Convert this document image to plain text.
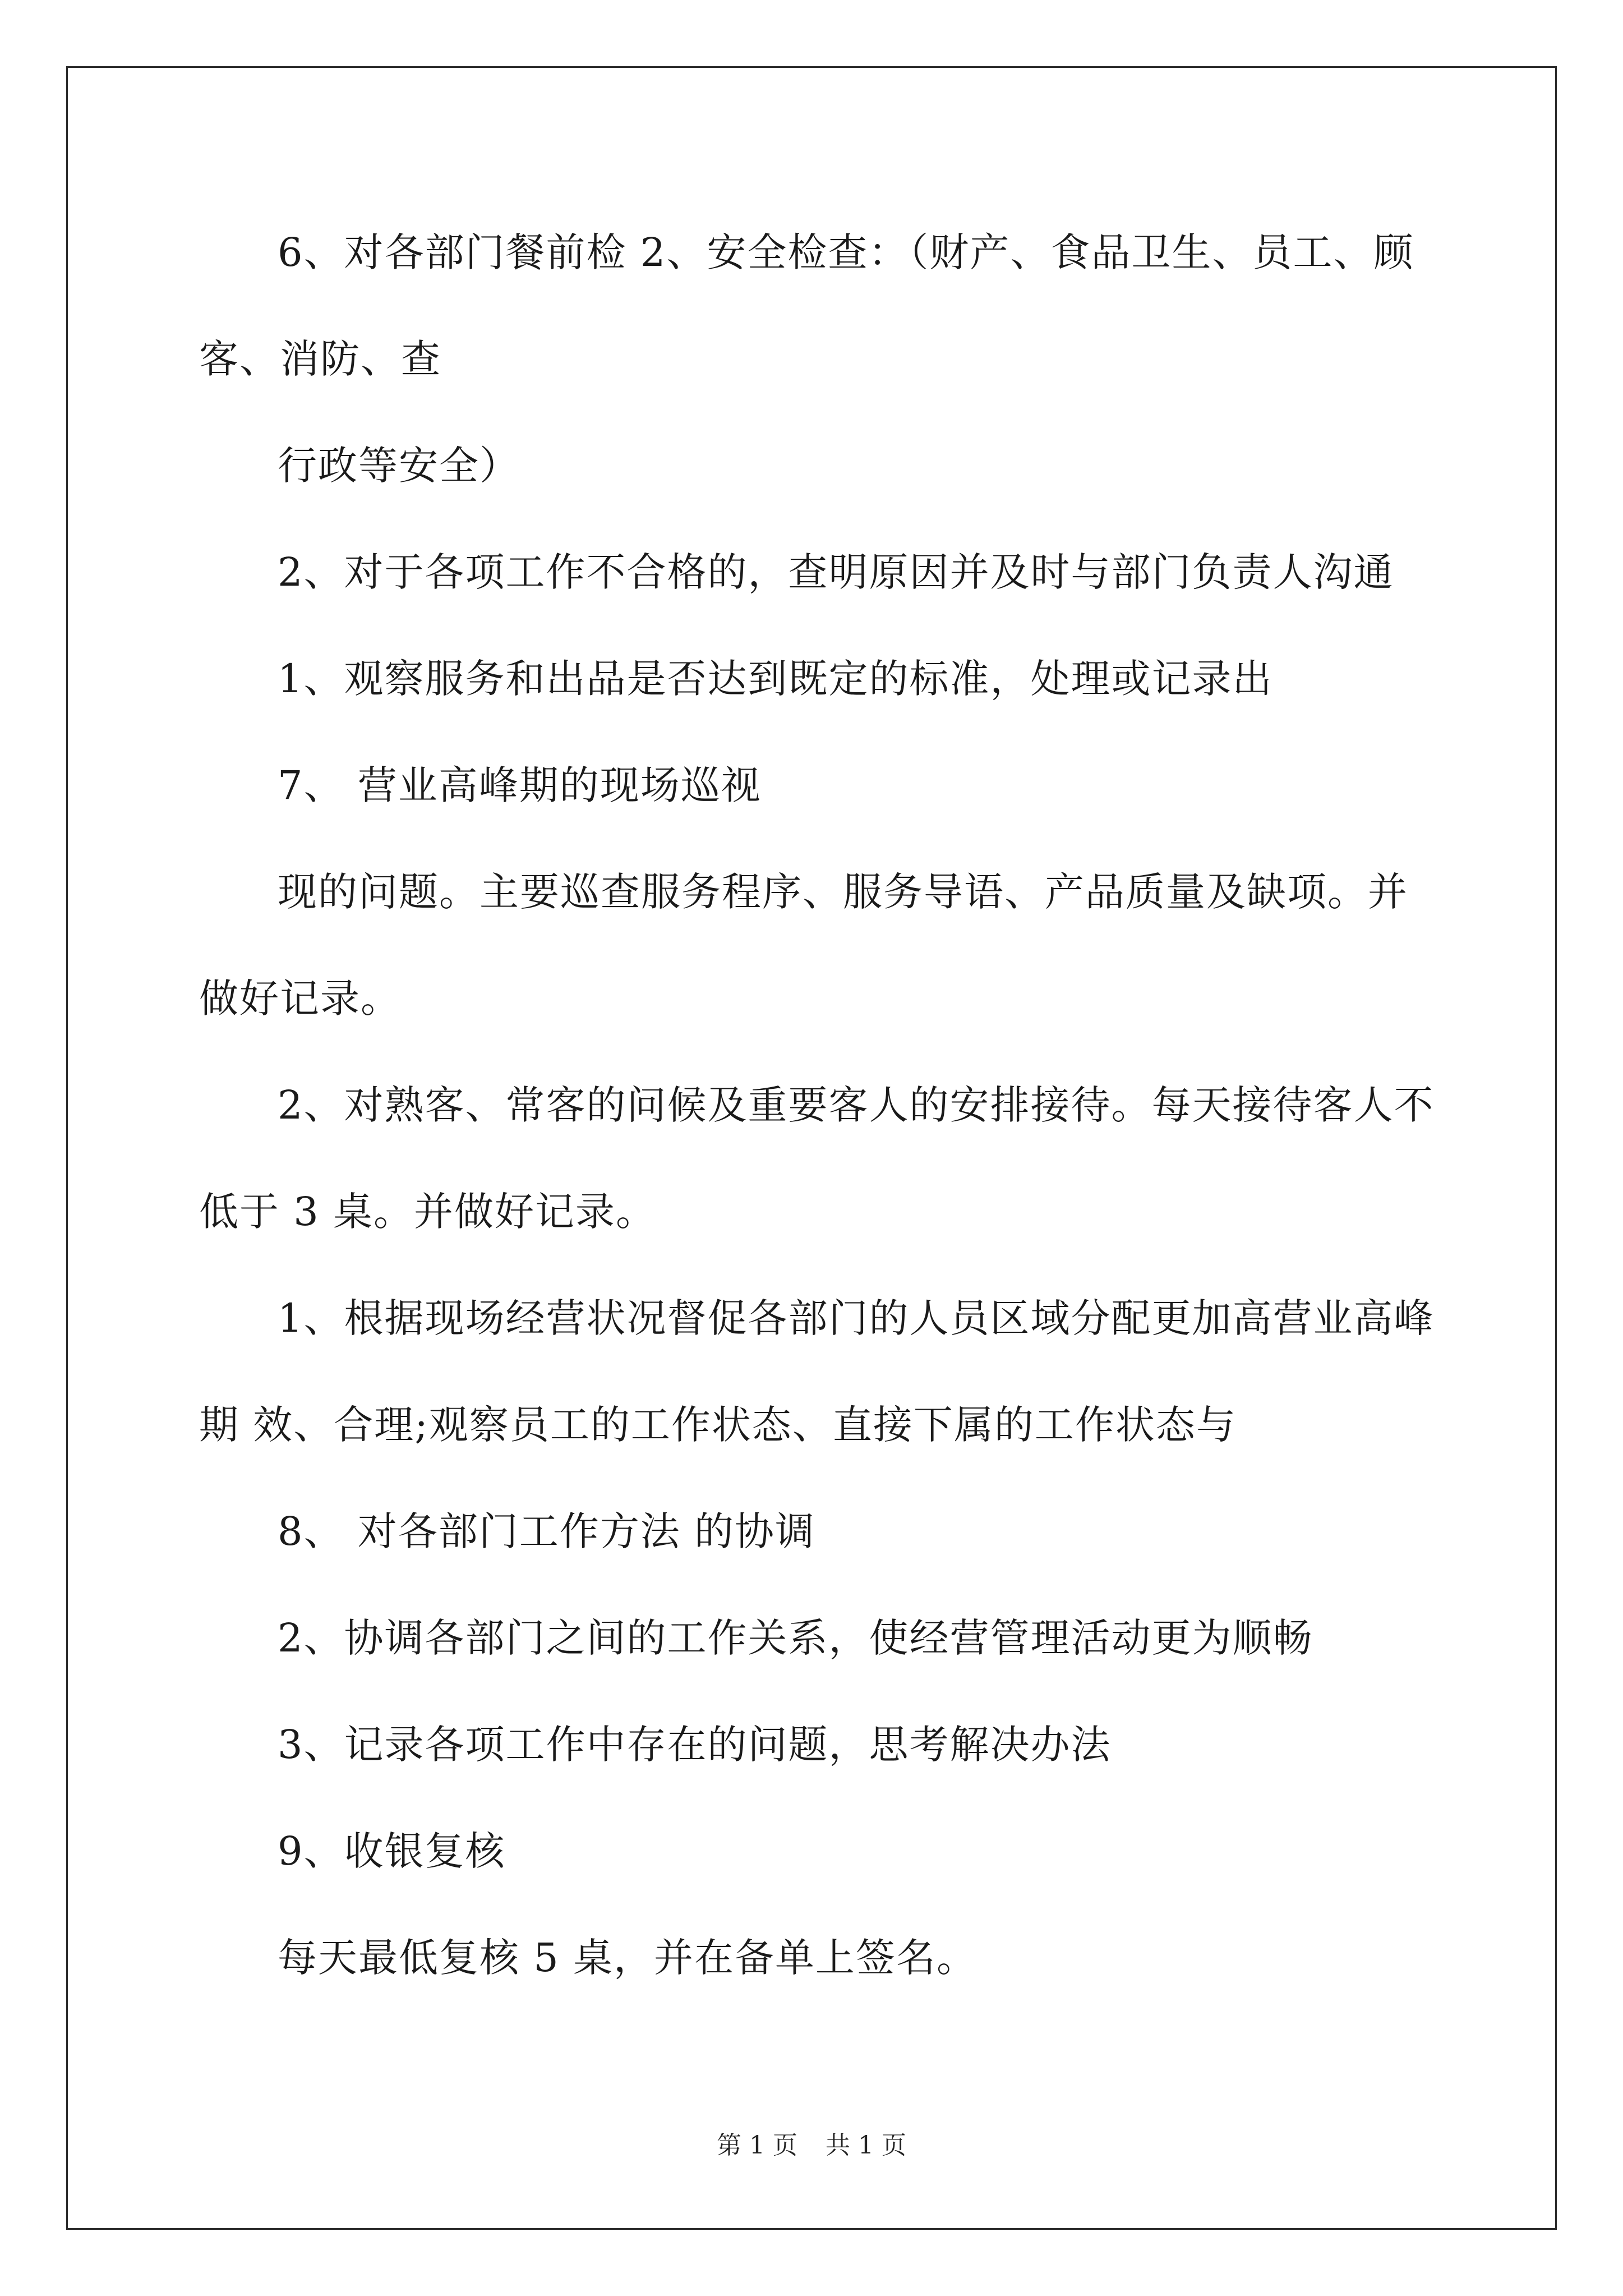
6、对各部门餐前检 2、安全检查：（财产、食品卫生、员工、顾
客、消防、查
行政等安全）
2、对于各项工作不合格的，查明原因并及时与部门负责人沟通
1、观察服务和出品是否达到既定的标准，处理或记录出
7、 营业高峰期的现场巡视
现的问题。主要巡查服务程序、服务导语、产品质量及缺项。并
做好记录。
2、对熟客、常客的问候及重要客人的安排接待。每天接待客人不
低于 3 桌。并做好记录。
1、根据现场经营状况督促各部门的人员区域分配更加高营业高峰
期 效、合理;观察员工的工作状态、直接下属的工作状态与
8、 对各部门工作方法 的协调
2、协调各部门之间的工作关系，使经营管理活动更为顺畅
3、记录各项工作中存在的问题，思考解决办法
9、收银复核
每天最低复核 5 桌，并在备单上签名。
第 1 页 共 1 页
